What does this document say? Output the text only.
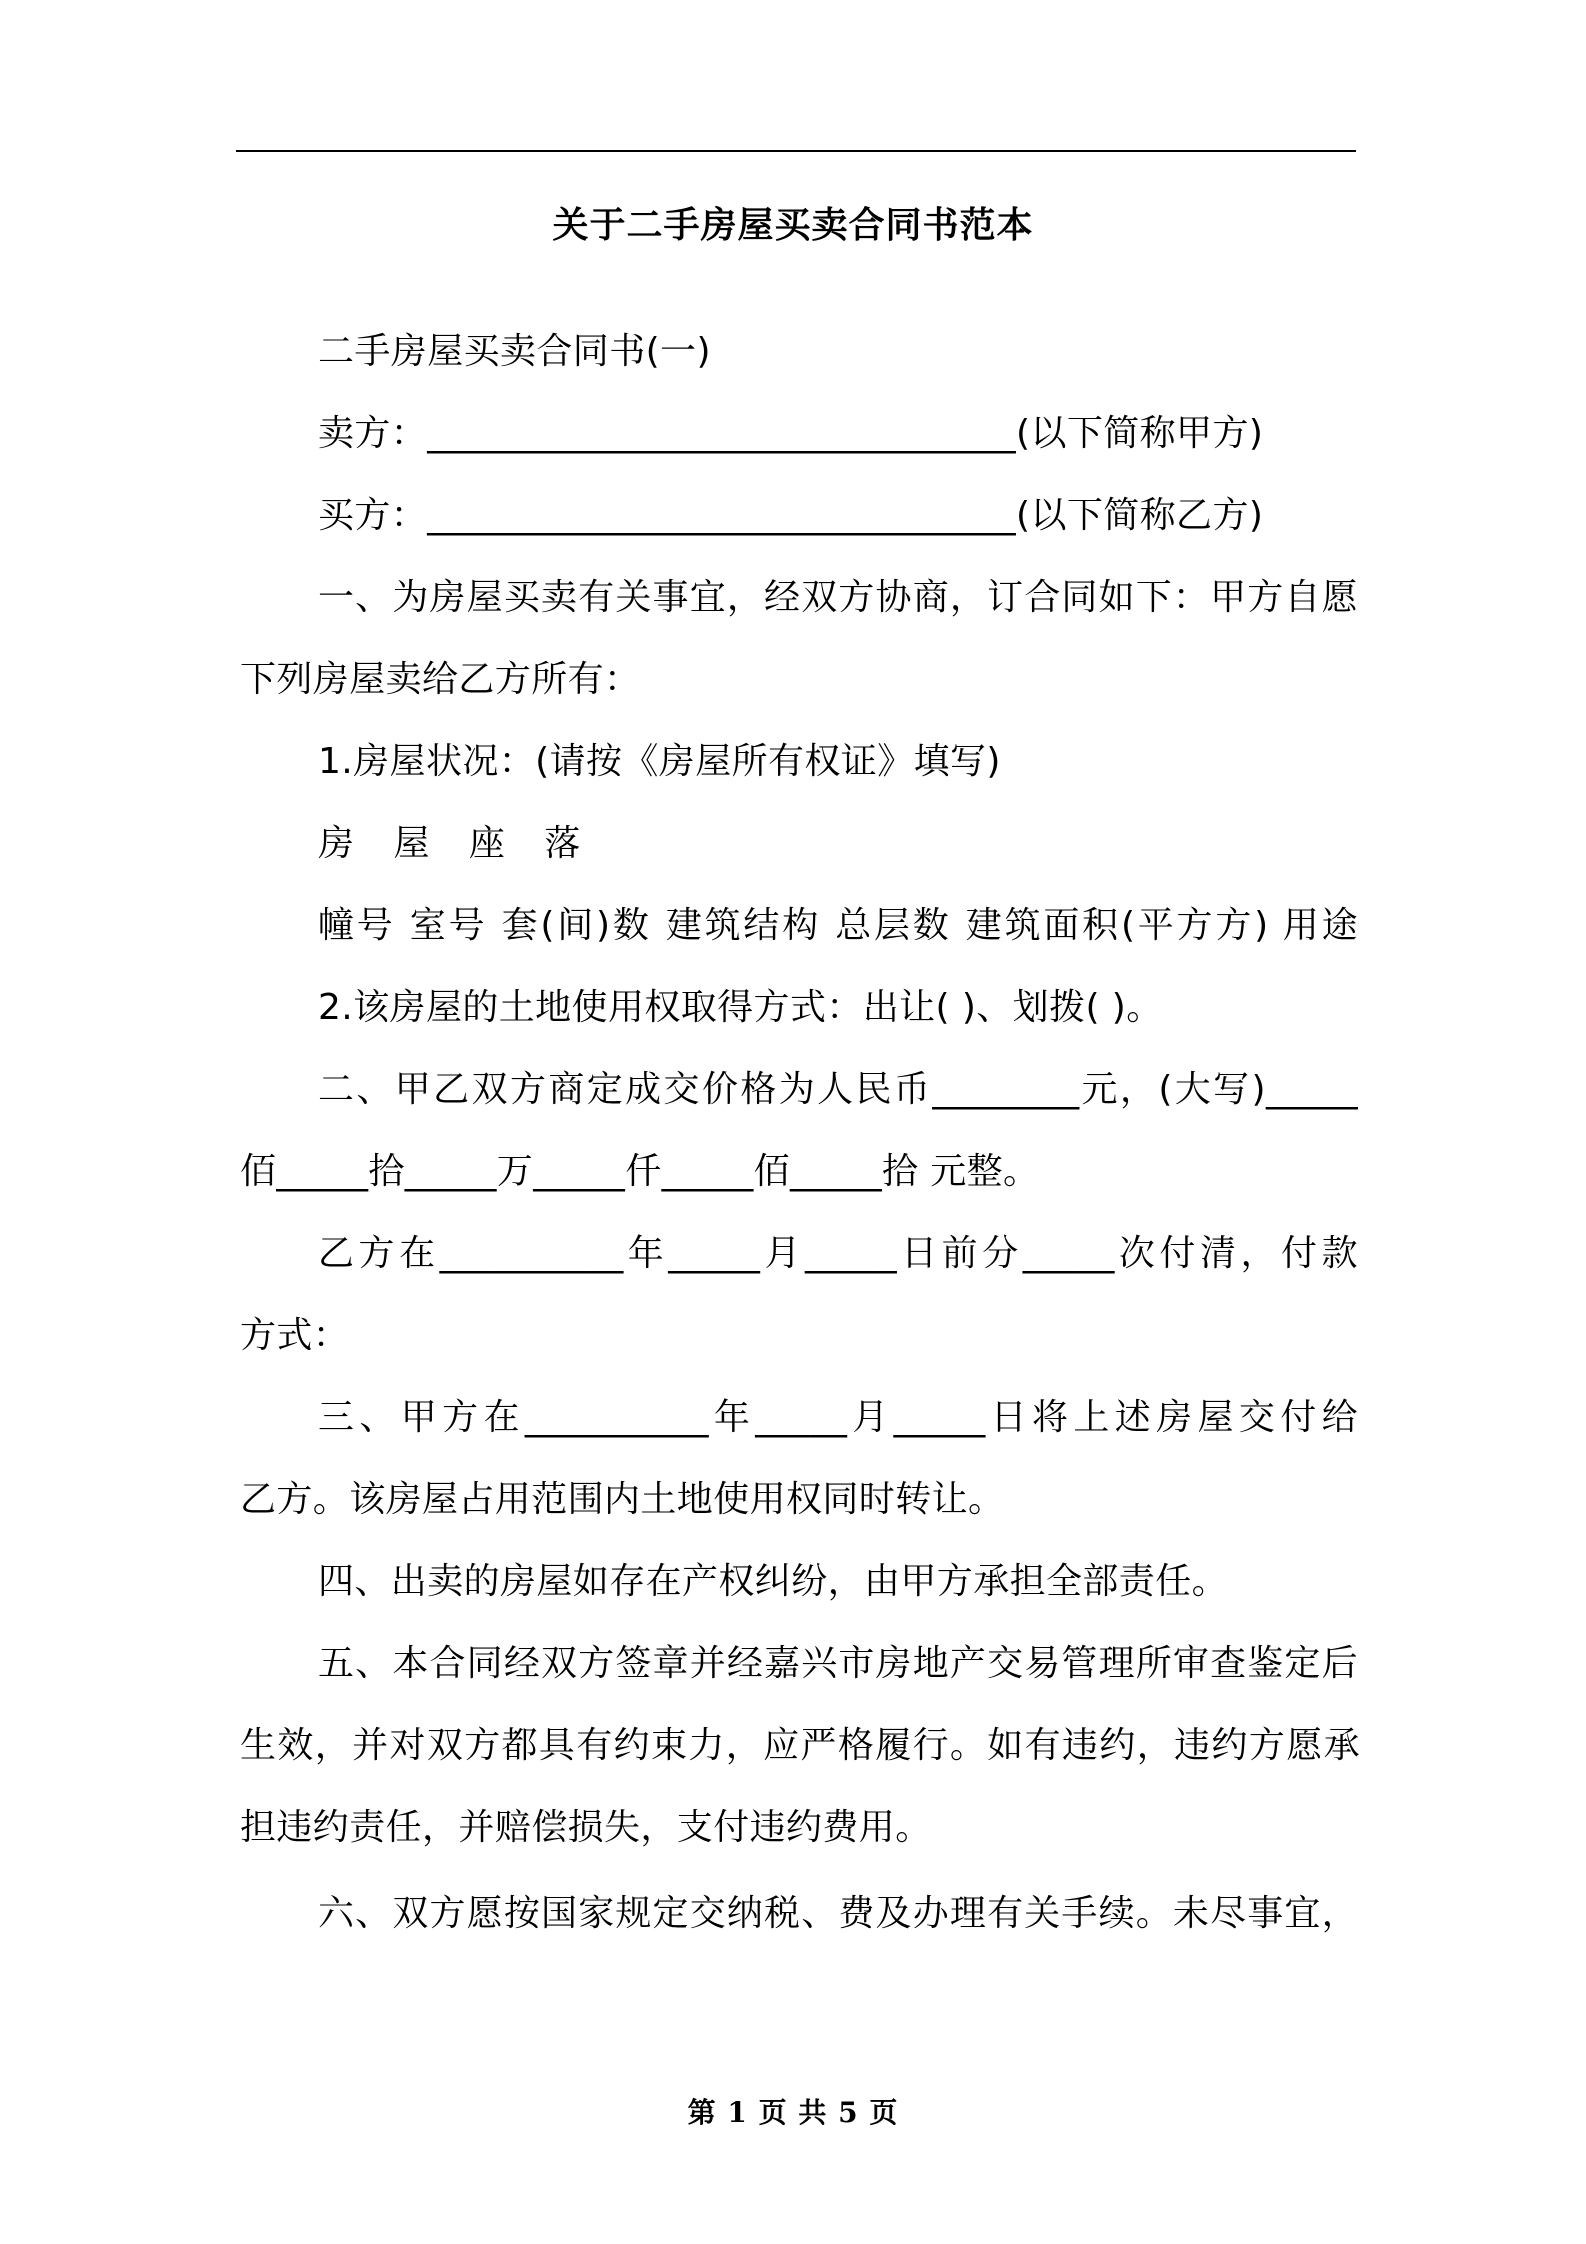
关于二手房屋买卖合同书范本
二手房屋买卖合同书(一)
卖方：________________________________(以下简称甲方)
买方：________________________________(以下简称乙方)
一、为房屋买卖有关事宜，经双方协商，订合同如下：甲方自愿
下列房屋卖给乙方所有：
1.房屋状况：(请按《房屋所有权证》填写)
房 屋 座 落
幢号 室号 套(间)数 建筑结构 总层数 建筑面积(平方方) 用途
2.该房屋的土地使用权取得方式：出让( )、划拨( )。
二、甲乙双方商定成交价格为人民币________元，(大写)_____
佰_____拾_____万_____仟_____佰_____拾 元整。
乙方在__________年_____月_____日前分_____次付清，付款
方式：
三、甲方在__________年_____月_____日将上述房屋交付给
乙方。该房屋占用范围内土地使用权同时转让。
四、出卖的房屋如存在产权纠纷，由甲方承担全部责任。
五、本合同经双方签章并经嘉兴市房地产交易管理所审查鉴定后
生效，并对双方都具有约束力，应严格履行。如有违约，违约方愿承
担违约责任，并赔偿损失，支付违约费用。
六、双方愿按国家规定交纳税、费及办理有关手续。未尽事宜，
第 1 页 共 5 页
